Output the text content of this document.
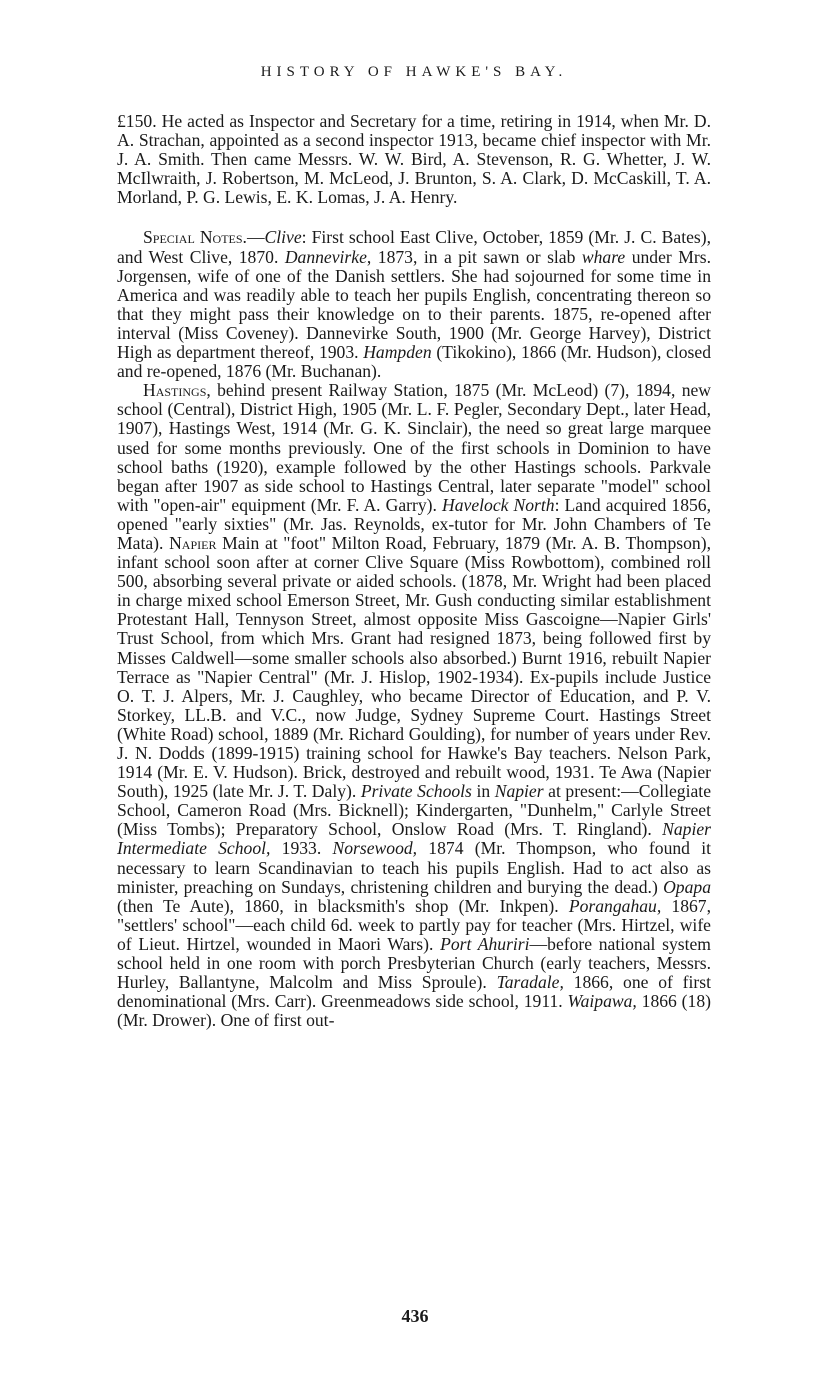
HISTORY OF HAWKE'S BAY.

£150. He acted as Inspector and Secretary for a time, retiring in 1914, when Mr. D. A. Strachan, appointed as a second inspector 1913, became chief inspector with Mr. J. A. Smith. Then came Messrs. W. W. Bird, A. Stevenson, R. G. Whetter, J. W. McIlwraith, J. Robertson, M. McLeod, J. Brunton, S. A. Clark, D. McCaskill, T. A. Morland, P. G. Lewis, E. K. Lomas, J. A. Henry.

Special Notes.—Clive: First school East Clive, October, 1859 (Mr. J. C. Bates), and West Clive, 1870. Dannevirke, 1873, in a pit sawn or slab whare under Mrs. Jorgensen, wife of one of the Danish settlers. She had sojourned for some time in America and was readily able to teach her pupils English, concentrating thereon so that they might pass their knowledge on to their parents. 1875, re-opened after interval (Miss Coveney). Dannevirke South, 1900 (Mr. George Harvey), District High as department thereof, 1903. Hampden (Tikokino), 1866 (Mr. Hudson), closed and re-opened, 1876 (Mr. Buchanan).

Hastings, behind present Railway Station, 1875 (Mr. McLeod) (7), 1894, new school (Central), District High, 1905 (Mr. L. F. Pegler, Secondary Dept., later Head, 1907), Hastings West, 1914 (Mr. G. K. Sinclair), the need so great large marquee used for some months previously. One of the first schools in Dominion to have school baths (1920), example followed by the other Hastings schools. Parkvale began after 1907 as side school to Hastings Central, later separate "model" school with "open-air" equipment (Mr. F. A. Garry). Havelock North: Land acquired 1856, opened "early sixties" (Mr. Jas. Reynolds, ex-tutor for Mr. John Chambers of Te Mata). Napier Main at "foot" Milton Road, February, 1879 (Mr. A. B. Thompson), infant school soon after at corner Clive Square (Miss Rowbottom), combined roll 500, absorbing several private or aided schools. (1878, Mr. Wright had been placed in charge mixed school Emerson Street, Mr. Gush conducting similar establishment Protestant Hall, Tennyson Street, almost opposite Miss Gascoigne—Napier Girls' Trust School, from which Mrs. Grant had resigned 1873, being followed first by Misses Caldwell—some smaller schools also absorbed.) Burnt 1916, rebuilt Napier Terrace as "Napier Central" (Mr. J. Hislop, 1902-1934). Ex-pupils include Justice O. T. J. Alpers, Mr. J. Caughley, who became Director of Education, and P. V. Storkey, LL.B. and V.C., now Judge, Sydney Supreme Court. Hastings Street (White Road) school, 1889 (Mr. Richard Goulding), for number of years under Rev. J. N. Dodds (1899-1915) training school for Hawke's Bay teachers. Nelson Park, 1914 (Mr. E. V. Hudson). Brick, destroyed and rebuilt wood, 1931. Te Awa (Napier South), 1925 (late Mr. J. T. Daly). Private Schools in Napier at present:—Collegiate School, Cameron Road (Mrs. Bicknell); Kindergarten, "Dunhelm," Carlyle Street (Miss Tombs); Preparatory School, Onslow Road (Mrs. T. Ringland). Napier Intermediate School, 1933. Norsewood, 1874 (Mr. Thompson, who found it necessary to learn Scandinavian to teach his pupils English. Had to act also as minister, preaching on Sundays, christening children and burying the dead.) Opapa (then Te Aute), 1860, in blacksmith's shop (Mr. Inkpen). Porangahau, 1867, "settlers' school"—each child 6d. week to partly pay for teacher (Mrs. Hirtzel, wife of Lieut. Hirtzel, wounded in Maori Wars). Port Ahuriri—before national system school held in one room with porch Presbyterian Church (early teachers, Messrs. Hurley, Ballantyne, Malcolm and Miss Sproule). Taradale, 1866, one of first denominational (Mrs. Carr). Greenmeadows side school, 1911. Waipawa, 1866 (18) (Mr. Drower). One of first out-

436
